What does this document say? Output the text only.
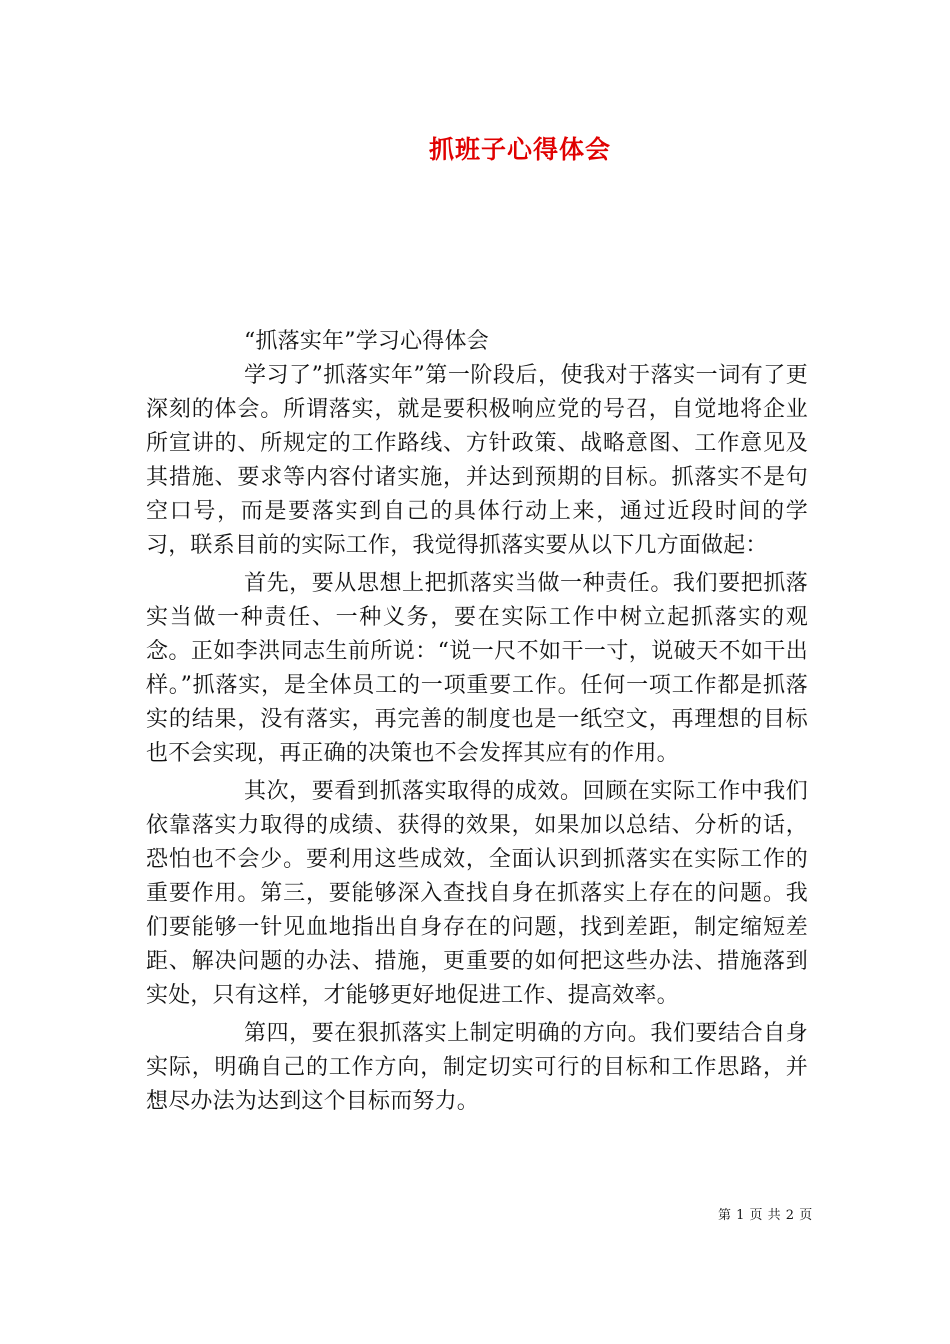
抓班子心得体会

“抓落实年”学习心得体会

学习了”抓落实年”第一阶段后，使我对于落实一词有了更深刻的体会。所谓落实，就是要积极响应党的号召，自觉地将企业所宣讲的、所规定的工作路线、方针政策、战略意图、工作意见及其措施、要求等内容付诸实施，并达到预期的目标。抓落实不是句空口号，而是要落实到自己的具体行动上来，通过近段时间的学习，联系目前的实际工作，我觉得抓落实要从以下几方面做起：

首先，要从思想上把抓落实当做一种责任。我们要把抓落实当做一种责任、一种义务，要在实际工作中树立起抓落实的观念。正如李洪同志生前所说：“说一尺不如干一寸，说破天不如干出样。”抓落实，是全体员工的一项重要工作。任何一项工作都是抓落实的结果，没有落实，再完善的制度也是一纸空文，再理想的目标也不会实现，再正确的决策也不会发挥其应有的作用。

其次，要看到抓落实取得的成效。回顾在实际工作中我们依靠落实力取得的成绩、获得的效果，如果加以总结、分析的话，恐怕也不会少。要利用这些成效，全面认识到抓落实在实际工作的重要作用。第三，要能够深入查找自身在抓落实上存在的问题。我们要能够一针见血地指出自身存在的问题，找到差距，制定缩短差距、解决问题的办法、措施，更重要的如何把这些办法、措施落到实处，只有这样，才能够更好地促进工作、提高效率。

第四，要在狠抓落实上制定明确的方向。我们要结合自身实际，明确自己的工作方向，制定切实可行的目标和工作思路，并想尽办法为达到这个目标而努力。

第 1 页 共 2 页
